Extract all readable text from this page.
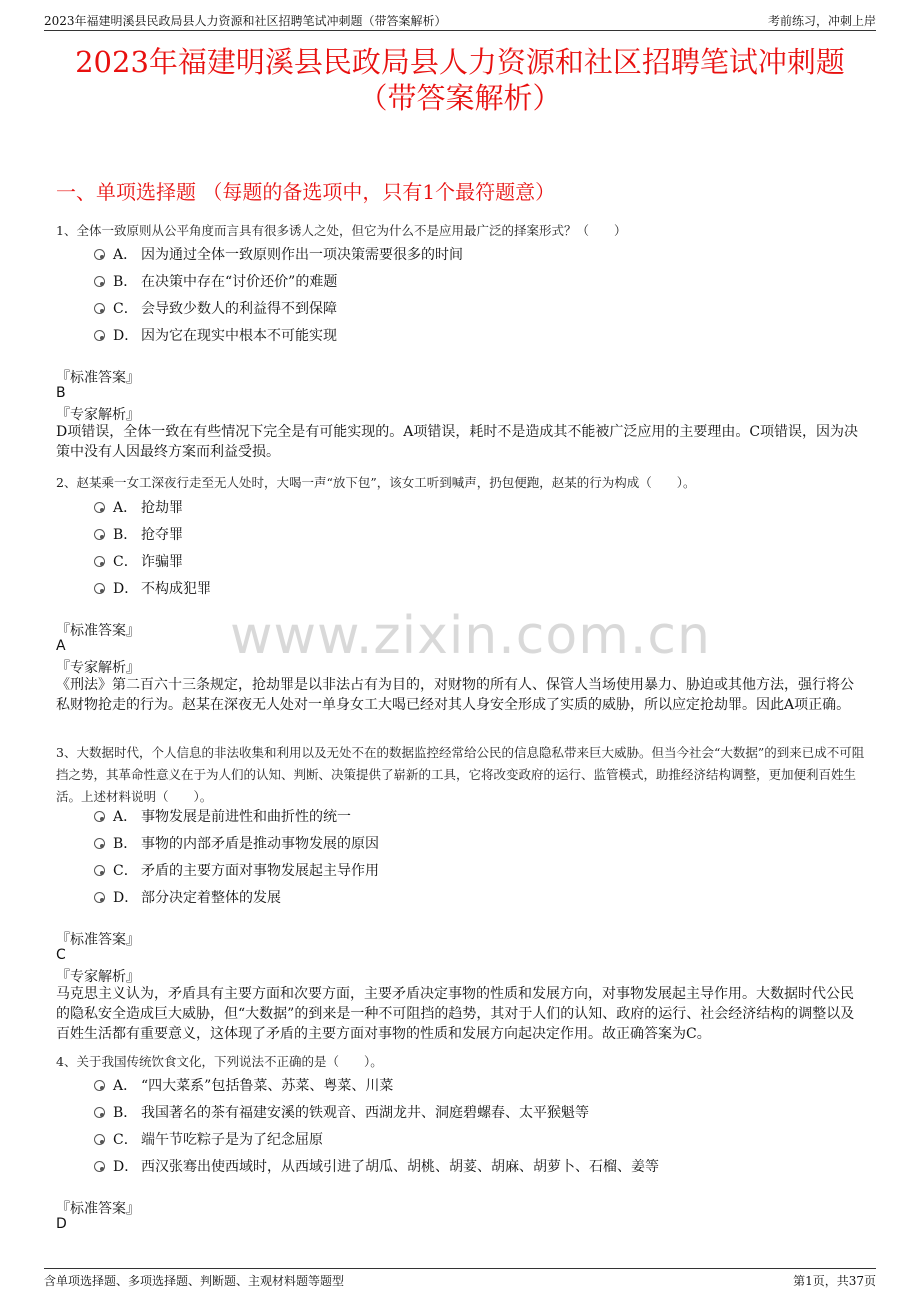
2023年福建明溪县民政局县人力资源和社区招聘笔试冲刺题（带答案解析）	考前练习，冲刺上岸
2023年福建明溪县民政局县人力资源和社区招聘笔试冲刺题
（带答案解析）
一、单项选择题 （每题的备选项中，只有1个最符题意）
www.zixin.com.cn
1、全体一致原则从公平角度而言具有很多诱人之处，但它为什么不是应用最广泛的择案形式？（　　）
A． 因为通过全体一致原则作出一项决策需要很多的时间
B． 在决策中存在“讨价还价”的难题
C． 会导致少数人的利益得不到保障
D． 因为它在现实中根本不可能实现
『标准答案』
B
『专家解析』
D项错误，全体一致在有些情况下完全是有可能实现的。A项错误，耗时不是造成其不能被广泛应用的主要理由。C项错误，因为决策中没有人因最终方案而利益受损。
2、赵某乘一女工深夜行走至无人处时，大喝一声“放下包”，该女工听到喊声，扔包便跑，赵某的行为构成（　　）。
A． 抢劫罪
B． 抢夺罪
C． 诈骗罪
D． 不构成犯罪
『标准答案』
A
『专家解析』
《刑法》第二百六十三条规定，抢劫罪是以非法占有为目的，对财物的所有人、保管人当场使用暴力、胁迫或其他方法，强行将公私财物抢走的行为。赵某在深夜无人处对一单身女工大喝已经对其人身安全形成了实质的威胁，所以应定抢劫罪。因此A项正确。
3、大数据时代，个人信息的非法收集和利用以及无处不在的数据监控经常给公民的信息隐私带来巨大威胁。但当今社会“大数据”的到来已成不可阻挡之势，其革命性意义在于为人们的认知、判断、决策提供了崭新的工具，它将改变政府的运行、监管模式，助推经济结构调整，更加便利百姓生活。上述材料说明（　　）。
A． 事物发展是前进性和曲折性的统一
B． 事物的内部矛盾是推动事物发展的原因
C． 矛盾的主要方面对事物发展起主导作用
D． 部分决定着整体的发展
『标准答案』
C
『专家解析』
马克思主义认为，矛盾具有主要方面和次要方面，主要矛盾决定事物的性质和发展方向，对事物发展起主导作用。大数据时代公民的隐私安全造成巨大威胁，但“大数据”的到来是一种不可阻挡的趋势，其对于人们的认知、政府的运行、社会经济结构的调整以及百姓生活都有重要意义，这体现了矛盾的主要方面对事物的性质和发展方向起决定作用。故正确答案为C。
4、关于我国传统饮食文化，下列说法不正确的是（　　）。
A． “四大菜系”包括鲁菜、苏菜、粤菜、川菜
B． 我国著名的茶有福建安溪的铁观音、西湖龙井、洞庭碧螺春、太平猴魁等
C． 端午节吃粽子是为了纪念屈原
D． 西汉张骞出使西域时，从西域引进了胡瓜、胡桃、胡荽、胡麻、胡萝卜、石榴、姜等
『标准答案』
D
含单项选择题、多项选择题、判断题、主观材料题等题型	第1页，共37页
